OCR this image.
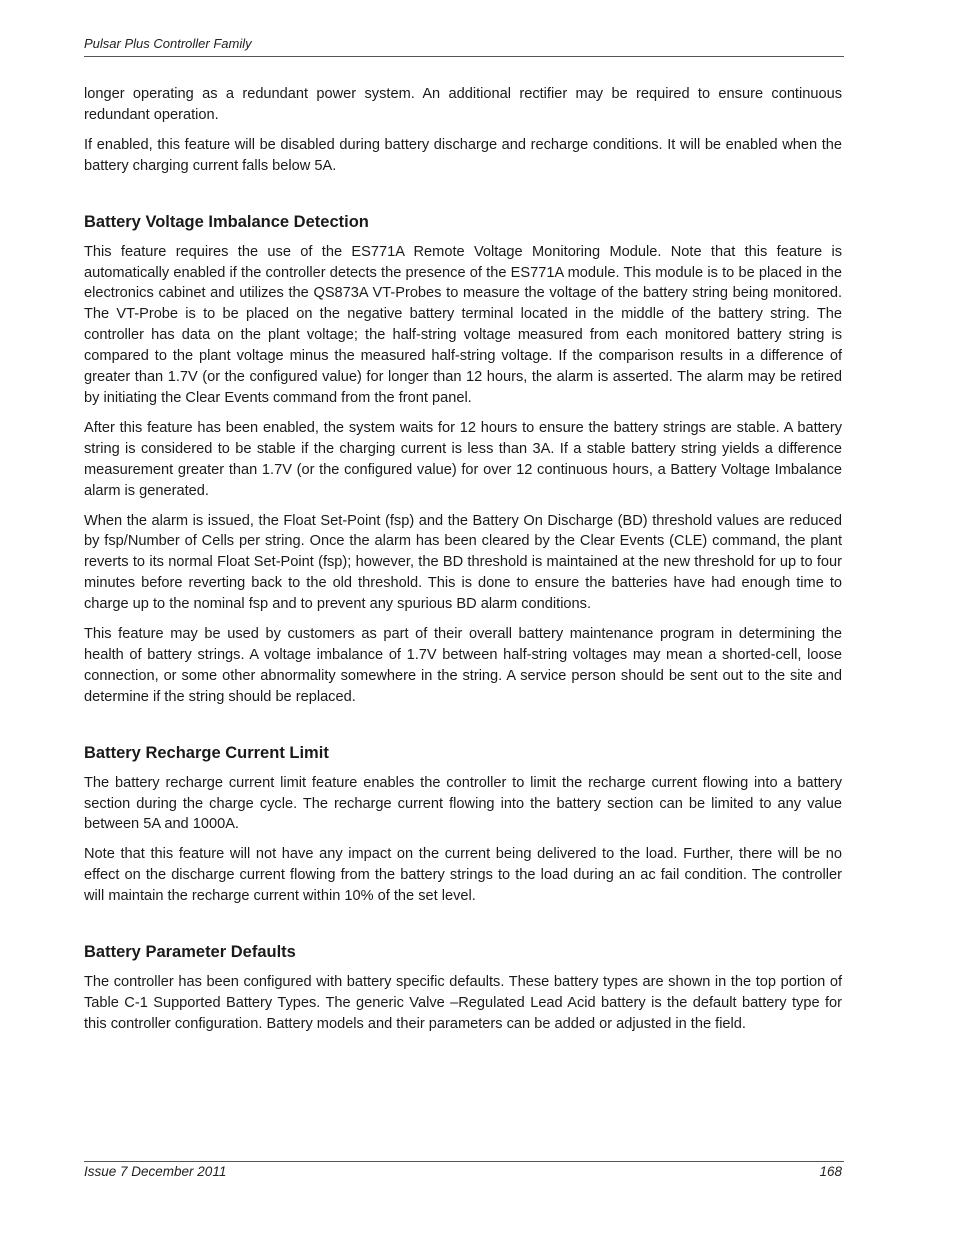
Pulsar Plus Controller Family

longer operating as a redundant power system. An additional rectifier may be required to ensure continuous redundant operation.

If enabled, this feature will be disabled during battery discharge and recharge conditions. It will be enabled when the battery charging current falls below 5A.

Battery Voltage Imbalance Detection

This feature requires the use of the ES771A Remote Voltage Monitoring Module. Note that this feature is automatically enabled if the controller detects the presence of the ES771A module. This module is to be placed in the electronics cabinet and utilizes the QS873A VT-Probes to measure the voltage of the battery string being monitored. The VT-Probe is to be placed on the negative battery terminal located in the middle of the battery string. The controller has data on the plant voltage; the half-string voltage measured from each monitored battery string is compared to the plant voltage minus the measured half-string voltage. If the comparison results in a difference of greater than 1.7V (or the configured value) for longer than 12 hours, the alarm is asserted. The alarm may be retired by initiating the Clear Events command from the front panel.

After this feature has been enabled, the system waits for 12 hours to ensure the battery strings are stable. A battery string is considered to be stable if the charging current is less than 3A. If a stable battery string yields a difference measurement greater than 1.7V (or the configured value) for over 12 continuous hours, a Battery Voltage Imbalance alarm is generated.

When the alarm is issued, the Float Set-Point (fsp) and the Battery On Discharge (BD) threshold values are reduced by fsp/Number of Cells per string. Once the alarm has been cleared by the Clear Events (CLE) command, the plant reverts to its normal Float Set-Point (fsp); however, the BD threshold is maintained at the new threshold for up to four minutes before reverting back to the old threshold. This is done to ensure the batteries have had enough time to charge up to the nominal fsp and to prevent any spurious BD alarm conditions.

This feature may be used by customers as part of their overall battery maintenance program in determining the health of battery strings. A voltage imbalance of 1.7V between half-string voltages may mean a shorted-cell, loose connection, or some other abnormality somewhere in the string. A service person should be sent out to the site and determine if the string should be replaced.

Battery Recharge Current Limit

The battery recharge current limit feature enables the controller to limit the recharge current flowing into a battery section during the charge cycle. The recharge current flowing into the battery section can be limited to any value between 5A and 1000A.

Note that this feature will not have any impact on the current being delivered to the load. Further, there will be no effect on the discharge current flowing from the battery strings to the load during an ac fail condition. The controller will maintain the recharge current within 10% of the set level.

Battery Parameter Defaults

The controller has been configured with battery specific defaults. These battery types are shown in the top portion of Table C-1 Supported Battery Types. The generic Valve –Regulated Lead Acid battery is the default battery type for this controller configuration. Battery models and their parameters can be added or adjusted in the field.

Issue 7 December 2011	168
